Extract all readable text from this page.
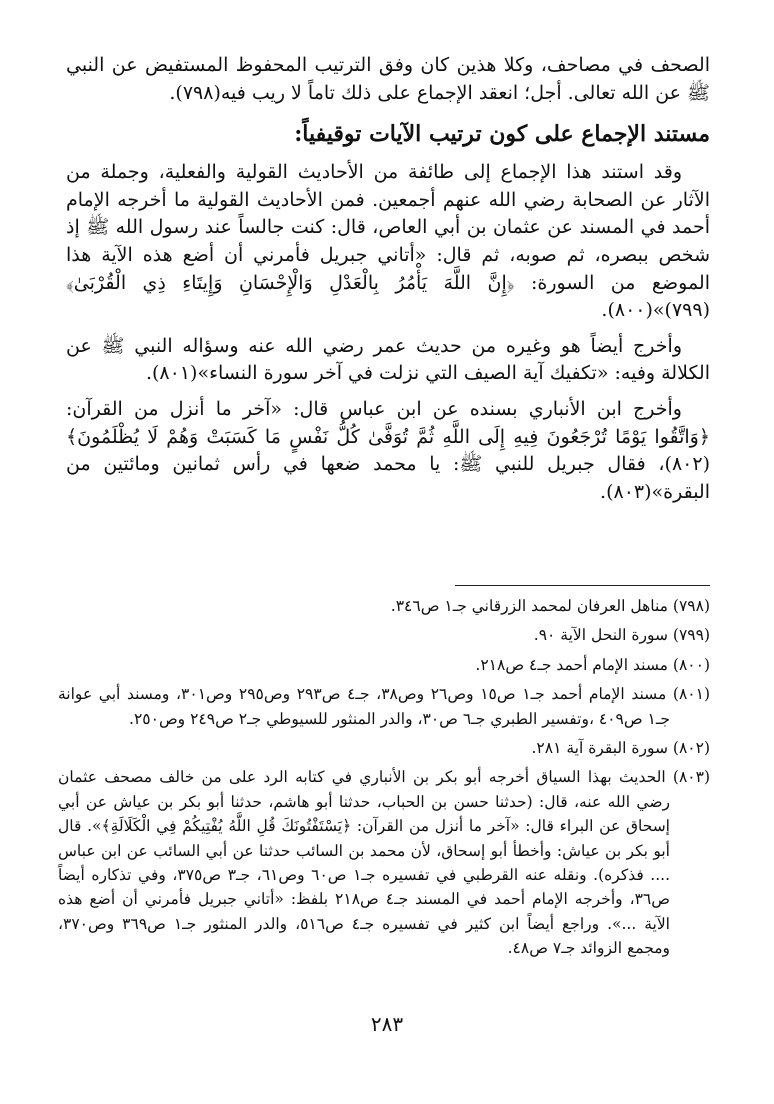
الصحف في مصاحف، وكلا هذين كان وفق الترتيب المحفوظ المستفيض عن النبي ﷺ عن الله تعالى. أجل؛ انعقد الإجماع على ذلك تاماً لا ريب فيه(٧٩٨).

مستند الإجماع على كون ترتيب الآيات توقيفياً:

وقد استند هذا الإجماع إلى طائفة من الأحاديث القولية والفعلية، وجملة من الآثار عن الصحابة رضي الله عنهم أجمعين. فمن الأحاديث القولية ما أخرجه الإمام أحمد في المسند عن عثمان بن أبي العاص، قال: كنت جالساً عند رسول الله ﷺ إذ شخص ببصره، ثم صوبه، ثم قال: «أتاني جبريل فأمرني أن أضع هذه الآية هذا الموضع من السورة: ﴿إِنَّ اللَّهَ يَأْمُرُ بِالْعَدْلِ وَالْإِحْسَانِ وَإِيتَاءِ ذِي الْقُرْبَىٰ﴾(٧٩٩)»(٨٠٠).

وأخرج أيضاً هو وغيره من حديث عمر رضي الله عنه وسؤاله النبي ﷺ عن الكلالة وفيه: «تكفيك آية الصيف التي نزلت في آخر سورة النساء»(٨٠١).

وأخرج ابن الأنباري بسنده عن ابن عباس قال: «آخر ما أنزل من القرآن: ﴿وَاتَّقُوا يَوْمًا تُرْجَعُونَ فِيهِ إِلَى اللَّهِ ثُمَّ تُوَفَّىٰ كُلُّ نَفْسٍ مَا كَسَبَتْ وَهُمْ لَا يُظْلَمُونَ﴾(٨٠٢)، فقال جبريل للنبي ﷺ: يا محمد ضعها في رأس ثمانين ومائتين من البقرة»(٨٠٣).

(٧٩٨) مناهل العرفان لمحمد الزرقاني جـ١ ص٣٤٦.

(٧٩٩) سورة النحل الآية ٩٠.

(٨٠٠) مسند الإمام أحمد جـ٤ ص٢١٨.

(٨٠١) مسند الإمام أحمد جـ١ ص١٥ وص٢٦ وص٣٨، جـ٤ ص٢٩٣ وص٢٩٥ وص٣٠١، ومسند أبي عوانة جـ١ ص٤٠٩ ،وتفسير الطبري جـ٦ ص٣٠، والدر المنثور للسيوطي جـ٢ ص٢٤٩ وص٢٥٠.

(٨٠٢) سورة البقرة آية ٢٨١.

(٨٠٣) الحديث بهذا السياق أخرجه أبو بكر بن الأنباري في كتابه الرد على من خالف مصحف عثمان رضي الله عنه، قال: (حدثنا حسن بن الحباب، حدثنا أبو هاشم، حدثنا أبو بكر بن عياش عن أبي إسحاق عن البراء قال: «آخر ما أنزل من القرآن: ﴿يَسْتَفْتُونَكَ قُلِ اللَّهُ يُفْتِيكُمْ فِي الْكَلَالَةِ﴾». قال أبو بكر بن عياش: وأخطأ أبو إسحاق، لأن محمد بن السائب حدثنا عن أبي السائب عن ابن عباس .... فذكره). ونقله عنه القرطبي في تفسيره جـ١ ص٦٠ وص٦١، جـ٣ ص٣٧٥، وفي تذكاره أيضاً ص٣٦، وأخرجه الإمام أحمد في المسند جـ٤ ص٢١٨ بلفظ: «أتاني جبريل فأمرني أن أضع هذه الآية ...». وراجع أيضاً ابن كثير في تفسيره جـ٤ ص٥١٦، والدر المنثور جـ١ ص٣٦٩ وص٣٧٠، ومجمع الزوائد جـ٧ ص٤٨.

٢٨٣
